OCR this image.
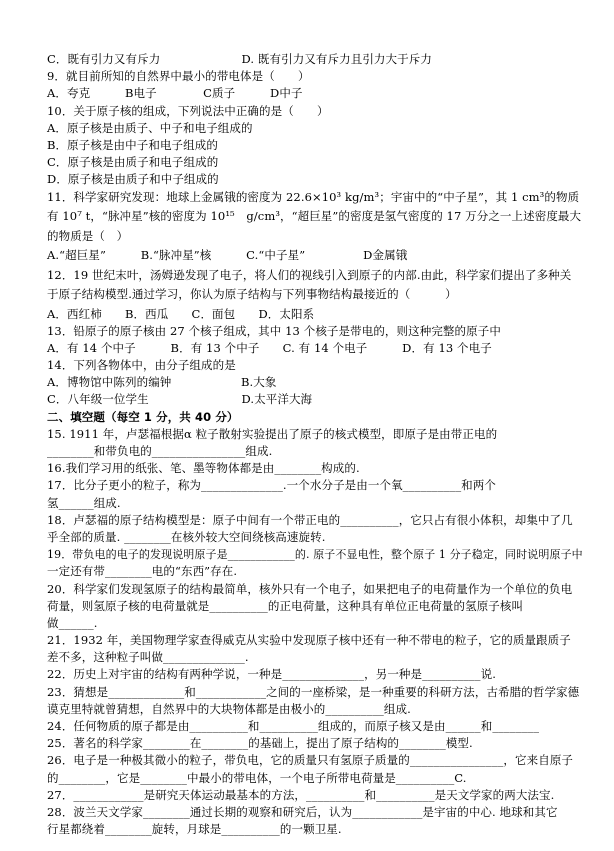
C．既有引力又有斥力　　　　　　　D. 既有引力又有斥力且引力大于斥力
9．就目前所知的自然界中最小的带电体是（　　）
A．夸克　　　B电子　　　　C质子　　　D中子
10．关于原子核的组成，下列说法中正确的是（　　）
A．原子核是由质子、中子和电子组成的
B．原子核是由中子和电子组成的
C．原子核是由质子和电子组成的
D．原子核是由质子和中子组成的
11．科学家研究发现：地球上金属锇的密度为 22.6×10³ kg/m³；宇宙中的“中子星”，其 1 cm³的物质
有 10⁷ t，“脉冲星”核的密度为 10¹⁵　g/cm³，“超巨星”的密度是氢气密度的 17 万分之一上述密度最大
的物质是（　）
A.“超巨星”　　　B.“脉冲星”核　　　C.“中子星”　　　　　D金属锇
12．19 世纪末叶，汤姆逊发现了电子，将人们的视线引入到原子的内部.由此，科学家们提出了多种关
于原子结构模型.通过学习，你认为原子结构与下列事物结构最接近的（　　　）
A．西红柿　　B．西瓜　　C．面包　　D．太阳系
13．铅原子的原子核由 27 个核子组成，其中 13 个核子是带电的，则这种完整的原子中
A．有 14 个中子　　　B．有 13 个中子　　C. 有 14 个电子　　　D．有 13 个电子
14．下列各物体中，由分子组成的是
A．博物馆中陈列的编钟　　　　　　B.大象
C．八年级一位学生　　　　　　　　D.太平洋大海
二、填空题（每空 1 分，共 40 分）
15. 1911 年，卢瑟福根据α 粒子散射实验提出了原子的核式模型，即原子是由带正电的
________和带负电的________________组成.
16.我们学习用的纸张、笔、墨等物体都是由________构成的.
17．比分子更小的粒子，称为______________.一个水分子是由一个氧__________和两个
氢______组成.
18．卢瑟福的原子结构模型是：原子中间有一个带正电的__________，它只占有很小体积，却集中了几
乎全部的质量. ________在核外较大空间绕核高速旋转.
19．带负电的电子的发现说明原子是____________的. 原子不显电性，整个原子 1 分子稳定，同时说明原子中
一定还有带________电的“东西”存在.
20．科学家们发现氢原子的结构最简单，核外只有一个电子，如果把电子的电荷量作为一个单位的负电
荷量，则氢原子核的电荷量就是__________的正电荷量，这种具有单位正电荷量的氢原子核叫
做______.
21．1932 年，美国物理学家查得威克从实验中发现原子核中还有一种不带电的粒子，它的质量跟质子
差不多，这种粒子叫做______________.
22．历史上对宇宙的结构有两种学说，一种是______________，另一种是__________说.
23．猜想是_____________和____________之间的一座桥梁，是一种重要的科研方法，古希腊的哲学家德
谟克里特就曾猜想，自然界中的大块物体都是由极小的__________组成.
24．任何物质的原子都是由__________和__________组成的，而原子核又是由______和________
25．著名的科学家________在________的基础上，提出了原子结构的________模型.
26．电子是一种极其微小的粒子，带负电，它的质量只有氢原子质量的________________，它来自原子
的________，它是________中最小的带电体，一个电子所带电荷量是__________C.
27．____________是研究天体运动最基本的方法，__________和__________是天文学家的两大法宝.
28．波兰天文学家________通过长期的观察和研究后，认为____________是宇宙的中心. 地球和其它
行星都绕着________旋转，月球是__________的一颗卫星.
